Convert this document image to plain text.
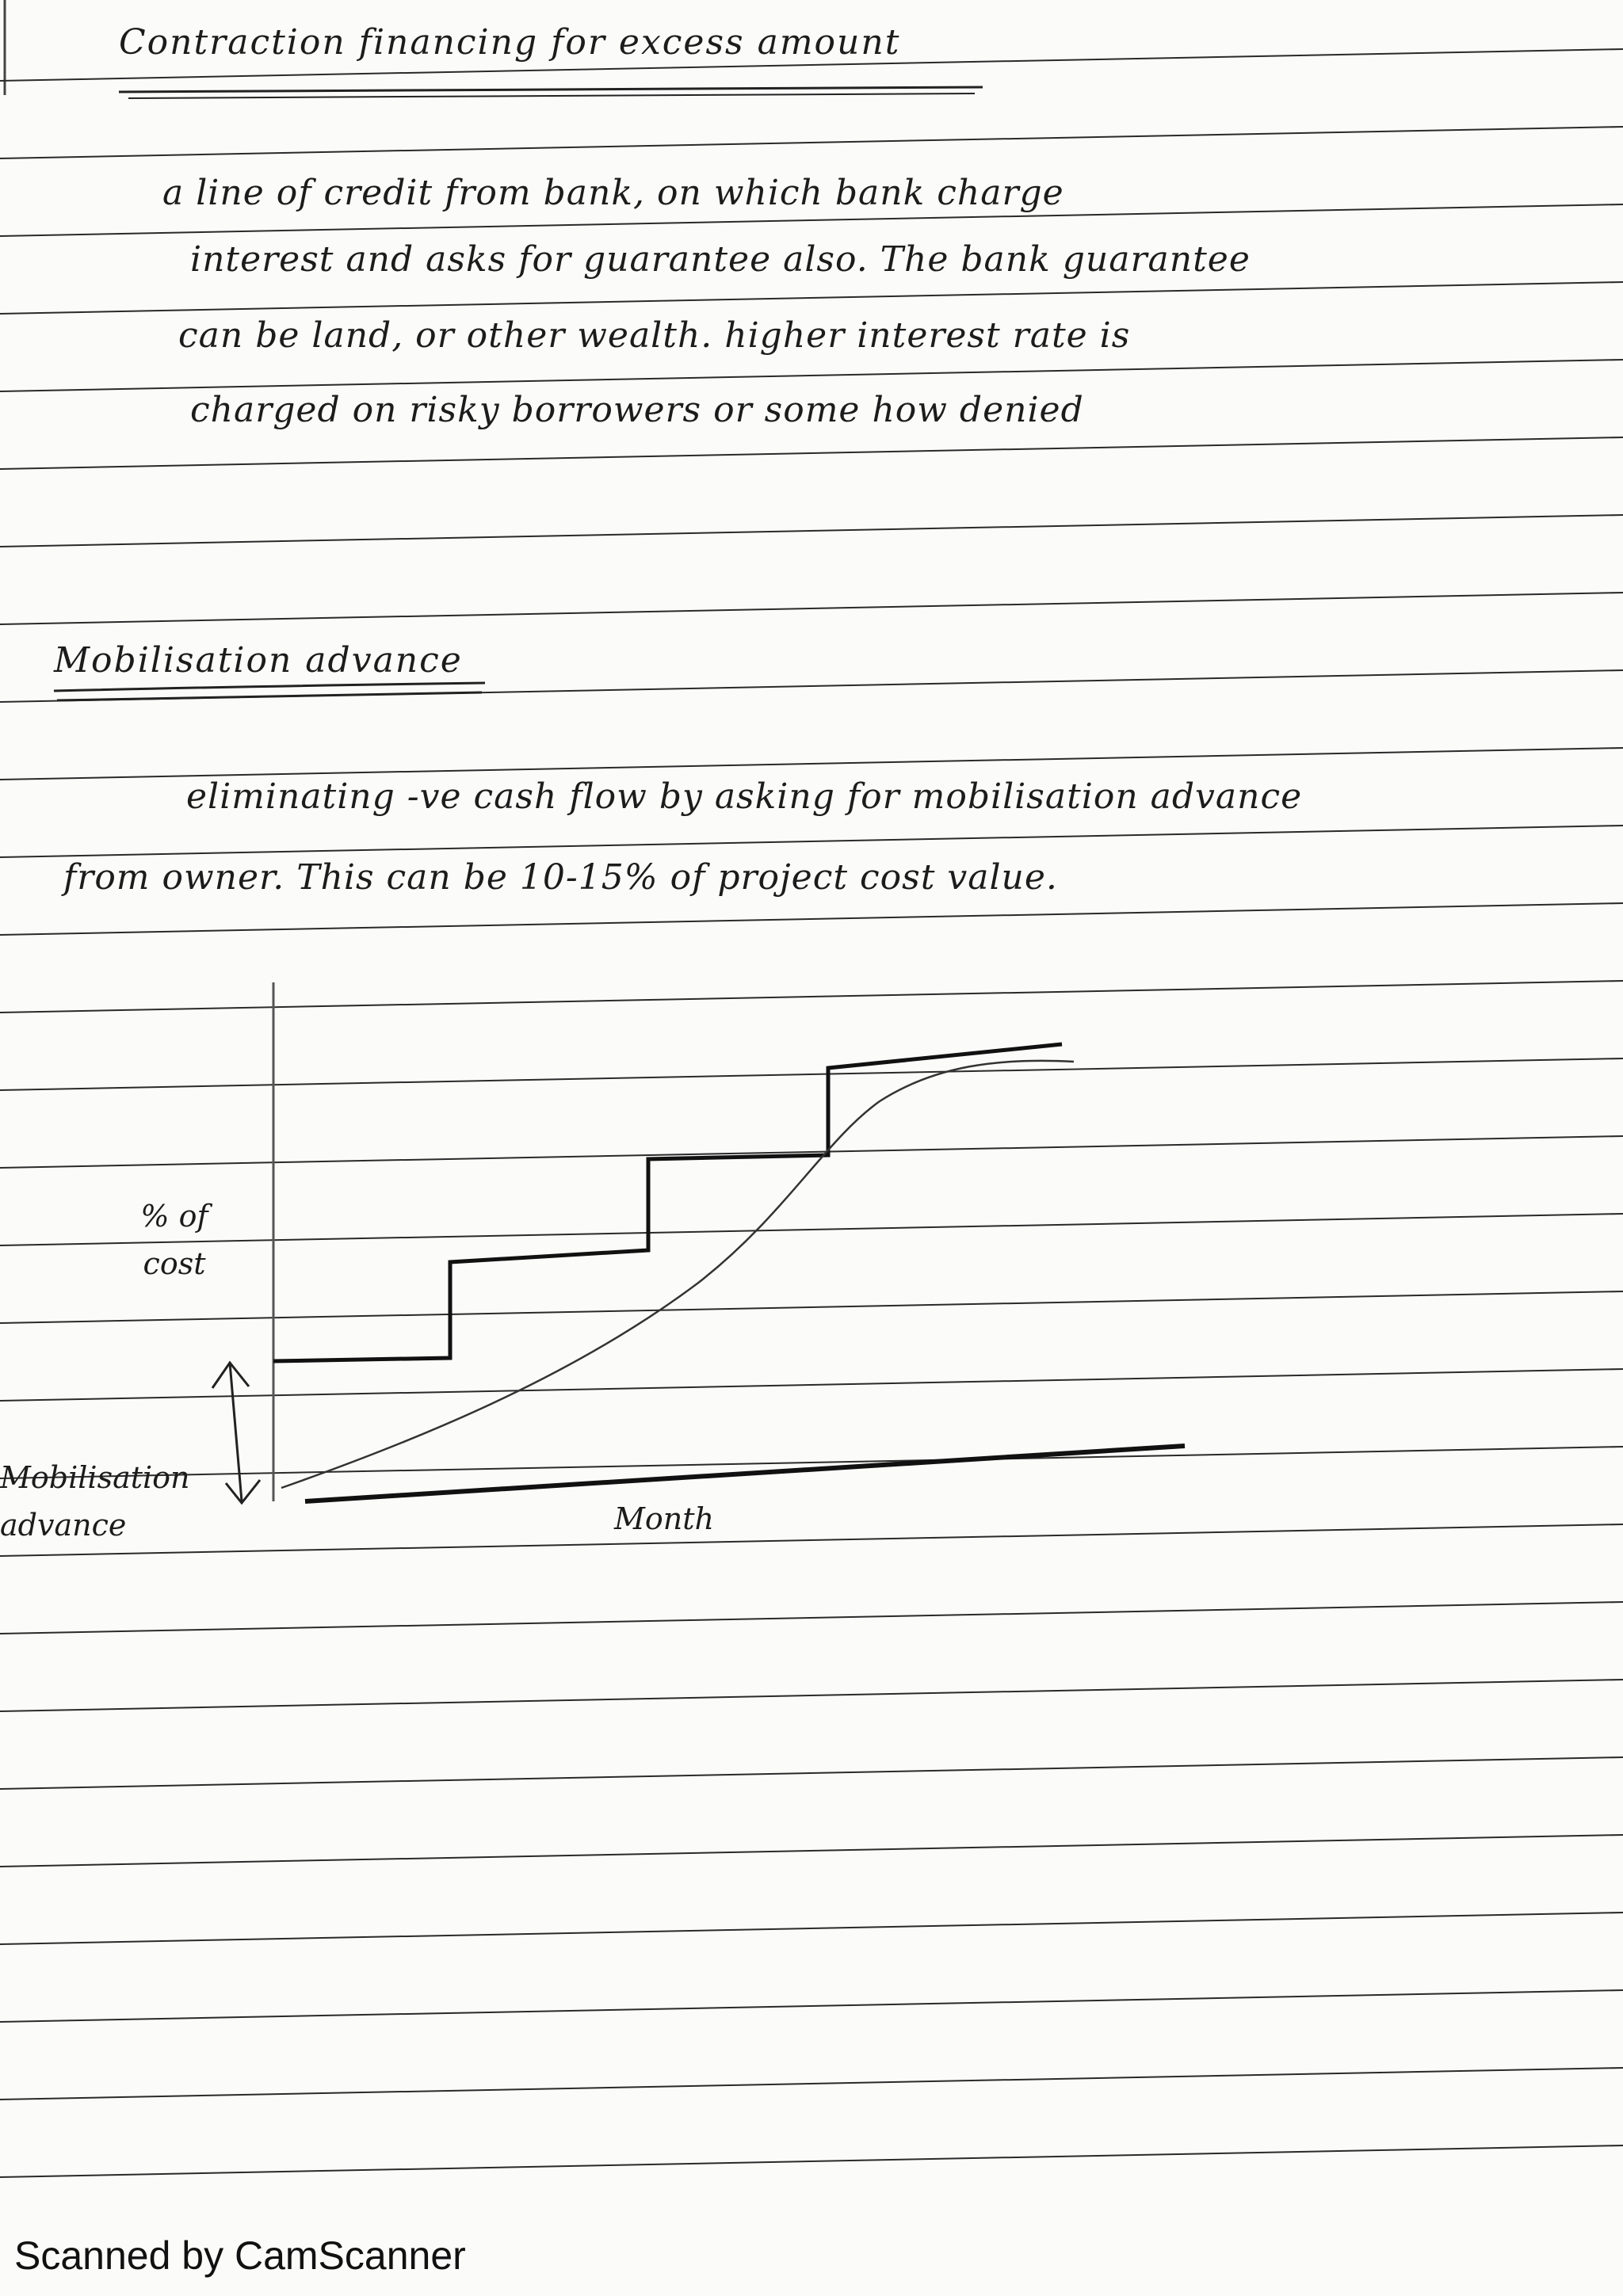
Contraction financing for excess amount
a line of credit from bank, on which bank charge
interest and asks for guarantee also. The bank guarantee
can be land, or other wealth. higher interest rate is
charged on risky borrowers or some how denied
Mobilisation advance
eliminating -ve cash flow by asking for mobilisation advance
from owner. This can be 10-15% of project cost value.
% of cost
Month
Mobilisation advance
Scanned by CamScanner
